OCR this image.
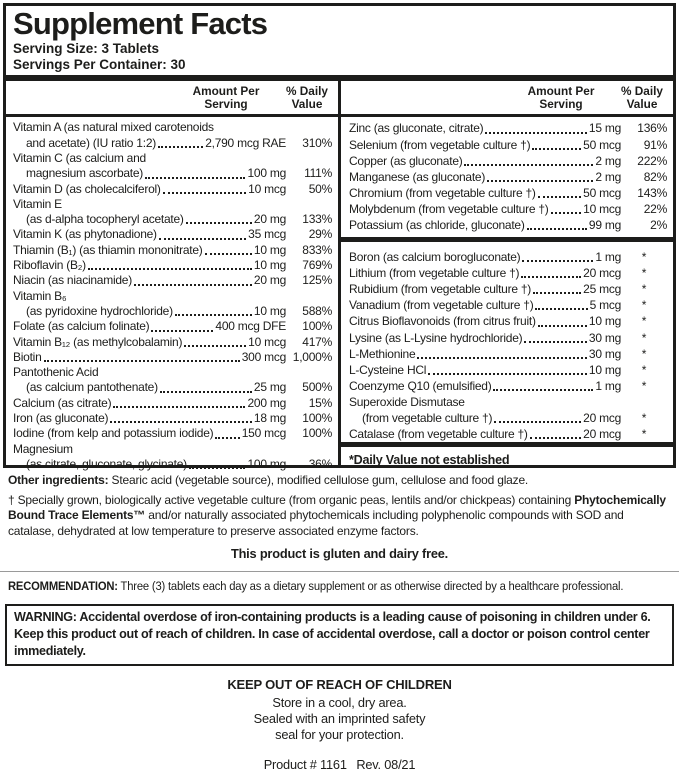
Supplement Facts
Serving Size: 3 Tablets
Servings Per Container: 30
Amount Per
Serving
% Daily
Value
Vitamin A (as natural mixed carotenoids
and acetate) (IU ratio 1:2)	2,790 mcg RAE	310%
Vitamin C (as calcium and
magnesium ascorbate)	100 mg	111%
Vitamin D (as cholecalciferol)	10 mcg	50%
Vitamin E
(as d-alpha tocopheryl acetate)	20 mg	133%
Vitamin K (as phytonadione)	35 mcg	29%
Thiamin (B₁) (as thiamin mononitrate)	10 mg	833%
Riboflavin (B₂)	10 mg	769%
Niacin (as niacinamide)	20 mg	125%
Vitamin B₆
(as pyridoxine hydrochloride)	10 mg	588%
Folate (as calcium folinate)	400 mcg DFE	100%
Vitamin B₁₂ (as methylcobalamin)	10 mcg	417%
Biotin	300 mcg 1,000%
Pantothenic Acid
(as calcium pantothenate)	25 mg	500%
Calcium (as citrate)	200 mg	15%
Iron (as gluconate)	18 mg	100%
Iodine (from kelp and potassium iodide) 150 mcg	100%
Magnesium
(as citrate, gluconate, glycinate)	100 mg	36%
Amount Per
Serving
% Daily
Value
Zinc (as gluconate, citrate)	15 mg	136%
Selenium (from vegetable culture †)	50 mcg	91%
Copper (as gluconate)	2 mg	222%
Manganese (as gluconate)	2 mg	82%
Chromium (from vegetable culture †)	50 mcg	143%
Molybdenum (from vegetable culture †)	10 mcg	22%
Potassium (as chloride, gluconate)	99 mg	2%
Boron (as calcium borogluconate)	1 mg	*
Lithium (from vegetable culture †)	20 mcg	*
Rubidium (from vegetable culture †)	25 mcg	*
Vanadium (from vegetable culture †)	5 mcg	*
Citrus Bioflavonoids (from citrus fruit)	10 mg	*
Lysine (as L-Lysine hydrochloride)	30 mg	*
L-Methionine	30 mg	*
L-Cysteine HCl	10 mg	*
Coenzyme Q10 (emulsified)	1 mg	*
Superoxide Dismutase
(from vegetable culture †)	20 mcg	*
Catalase (from vegetable culture †)	20 mcg	*
*Daily Value not established
Other ingredients: Stearic acid (vegetable source), modified cellulose gum, cellulose and food glaze.
† Specially grown, biologically active vegetable culture (from organic peas, lentils and/or chickpeas) containing Phytochemically Bound Trace Elements™ and/or naturally associated phytochemicals including polyphenolic compounds with SOD and catalase, dehydrated at low temperature to preserve associated enzyme factors.
This product is gluten and dairy free.
RECOMMENDATION: Three (3) tablets each day as a dietary supplement or as otherwise directed by a healthcare professional.
WARNING: Accidental overdose of iron-containing products is a leading cause of poisoning in children under 6. Keep this product out of reach of children. In case of accidental overdose, call a doctor or poison control center immediately.
KEEP OUT OF REACH OF CHILDREN
Store in a cool, dry area.
Sealed with an imprinted safety
seal for your protection.
Product # 1161  Rev. 08/21
